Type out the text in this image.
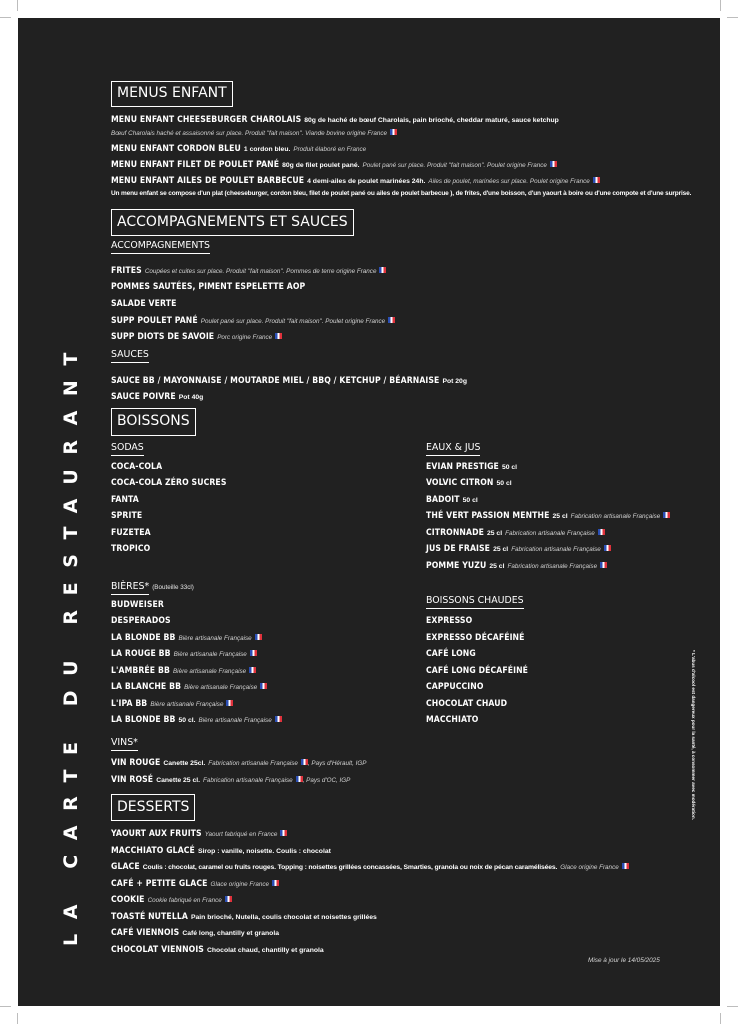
LA CARTE DU RESTAURANT	* L'abus d'alcool est dangereux pour la santé, à consommer avec modération.
MENUS ENFANT
MENU ENFANT CHEESEBURGER CHAROLAIS 80g de haché de bœuf Charolais, pain brioché, cheddar maturé, sauce ketchup
Bœuf Charolais haché et assaisonné sur place. Produit "fait maison". Viande bovine origine France
MENU ENFANT CORDON BLEU 1 cordon bleu. Produit élaboré en France
MENU ENFANT FILET DE POULET PANÉ 80g de filet poulet pané. Poulet pané sur place. Produit "fait maison". Poulet origine France
MENU ENFANT AILES DE POULET BARBECUE 4 demi-ailes de poulet marinées 24h. Ailes de poulet, marinées sur place. Poulet origine France
Un menu enfant se compose d'un plat (cheeseburger, cordon bleu, filet de poulet pané ou ailes de poulet barbecue ), de frites, d'une boisson, d'un yaourt à boire ou d'une compote et d'une surprise.
ACCOMPAGNEMENTS ET SAUCES
ACCOMPAGNEMENTS
FRITES Coupées et cuites sur place. Produit "fait maison". Pommes de terre origine France
POMMES SAUTÉES, PIMENT ESPELETTE AOP
SALADE VERTE
SUPP POULET PANÉ Poulet pané sur place. Produit "fait maison". Poulet origine France
SUPP DIOTS DE SAVOIE Porc origine France
SAUCES
SAUCE BB / MAYONNAISE / MOUTARDE MIEL / BBQ / KETCHUP / BÉARNAISE Pot 20g
SAUCE POIVRE Pot 40g
BOISSONS
SODAS
COCA-COLA
COCA-COLA ZÉRO SUCRES
FANTA
SPRITE
FUZETEA
TROPICO
EAUX & JUS
EVIAN PRESTIGE 50 cl
VOLVIC CITRON 50 cl
BADOIT 50 cl
THÉ VERT PASSION MENTHE 25 cl Fabrication artisanale Française
CITRONNADE 25 cl Fabrication artisanale Française
JUS DE FRAISE 25 cl Fabrication artisanale Française
POMME YUZU 25 cl Fabrication artisanale Française
BIÈRES* (Bouteille 33cl)
BUDWEISER
DESPERADOS
LA BLONDE BB Bière artisanale Française
LA ROUGE BB Bière artisanale Française
L'AMBRÉE BB Bière artisanale Française
LA BLANCHE BB Bière artisanale Française
L'IPA BB Bière artisanale Française
LA BLONDE BB 50 cl. Bière artisanale Française
BOISSONS CHAUDES
EXPRESSO
EXPRESSO DÉCAFÉINÉ
CAFÉ LONG
CAFÉ LONG DÉCAFÉINÉ
CAPPUCCINO
CHOCOLAT CHAUD
MACCHIATO
VINS*
VIN ROUGE Canette 25cl. Fabrication artisanale Française , Pays d'Hérault, IGP
VIN ROSÉ Canette 25 cl. Fabrication artisanale Française , Pays d'OC, IGP
DESSERTS
YAOURT AUX FRUITS Yaourt fabriqué en France
MACCHIATO GLACÉ Sirop : vanille, noisette. Coulis : chocolat
GLACE Coulis : chocolat, caramel ou fruits rouges. Topping : noisettes grillées concassées, Smarties, granola ou noix de pécan caramélisées. Glace origine France
CAFÉ + PETITE GLACE Glace origine France
COOKIE Cookie fabriqué en France
TOASTÉ NUTELLA Pain brioché, Nutella, coulis chocolat et noisettes grillées
CAFÉ VIENNOIS Café long, chantilly et granola
CHOCOLAT VIENNOIS Chocolat chaud, chantilly et granola
Mise à jour le 14/05/2025
